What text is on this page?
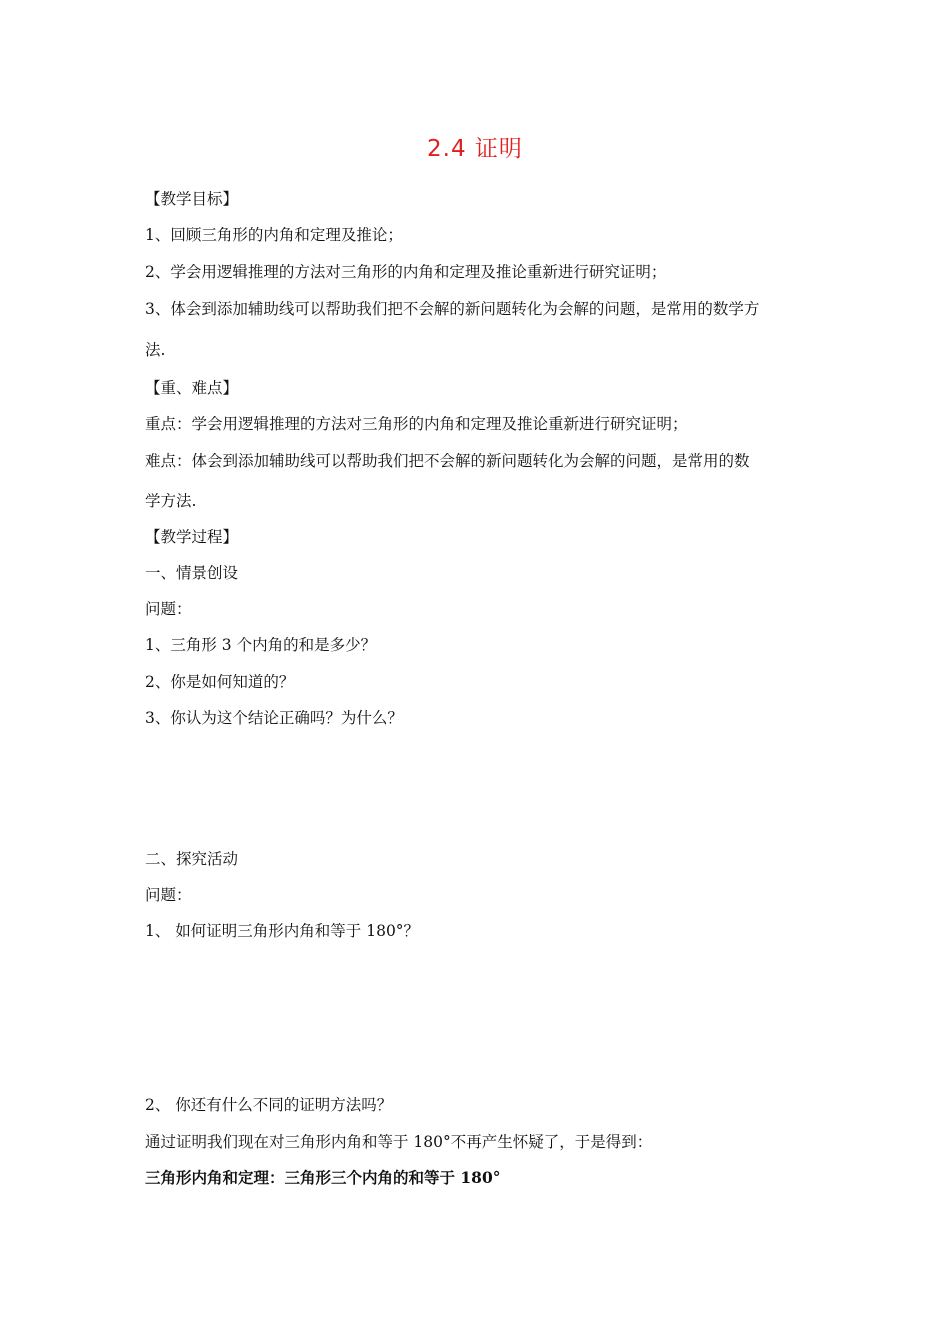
2.4 证明

【教学目标】

1、回顾三角形的内角和定理及推论；

2、学会用逻辑推理的方法对三角形的内角和定理及推论重新进行研究证明；

3、体会到添加辅助线可以帮助我们把不会解的新问题转化为会解的问题，是常用的数学方

法.

【重、难点】

重点：学会用逻辑推理的方法对三角形的内角和定理及推论重新进行研究证明；

难点：体会到添加辅助线可以帮助我们把不会解的新问题转化为会解的问题，是常用的数

学方法.

【教学过程】

一、情景创设

问题：

1、三角形 3 个内角的和是多少？

2、你是如何知道的？

3、你认为这个结论正确吗？为什么？

二、探究活动

问题：

1、 如何证明三角形内角和等于 180°？

2、 你还有什么不同的证明方法吗？

通过证明我们现在对三角形内角和等于 180°不再产生怀疑了，于是得到：

三角形内角和定理：三角形三个内角的和等于 180°
